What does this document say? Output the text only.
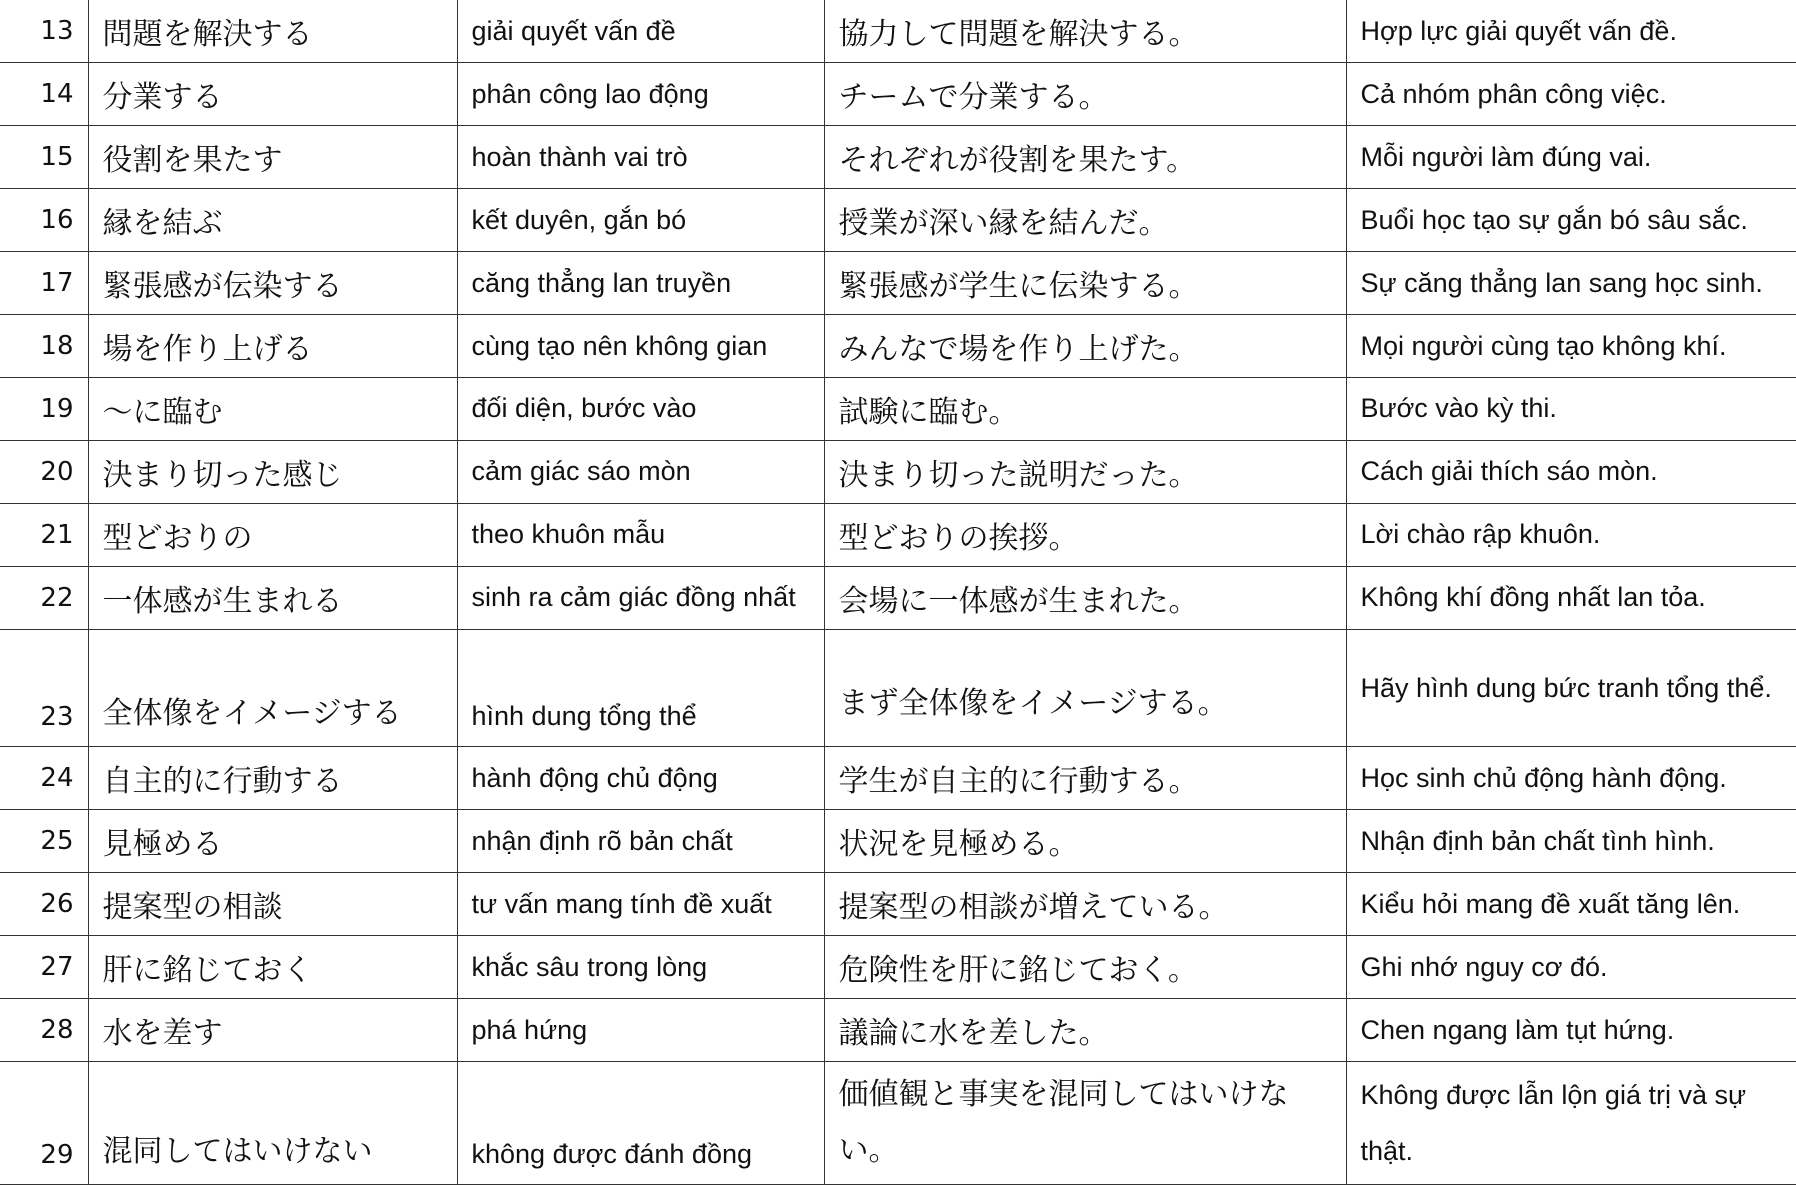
13	問題を解決する	giải quyết vấn đề	協力して問題を解決する。	Hợp lực giải quyết vấn đề.
14	分業する	phân công lao động	チームで分業する。	Cả nhóm phân công việc.
15	役割を果たす	hoàn thành vai trò	それぞれが役割を果たす。	Mỗi người làm đúng vai.
16	縁を結ぶ	kết duyên, gắn bó	授業が深い縁を結んだ。	Buổi học tạo sự gắn bó sâu sắc.
17	緊張感が伝染する	căng thẳng lan truyền	緊張感が学生に伝染する。	Sự căng thẳng lan sang học sinh.
18	場を作り上げる	cùng tạo nên không gian	みんなで場を作り上げた。	Mọi người cùng tạo không khí.
19	〜に臨む	đối diện, bước vào	試験に臨む。	Bước vào kỳ thi.
20	決まり切った感じ	cảm giác sáo mòn	決まり切った説明だった。	Cách giải thích sáo mòn.
21	型どおりの	theo khuôn mẫu	型どおりの挨拶。	Lời chào rập khuôn.
22	一体感が生まれる	sinh ra cảm giác đồng nhất	会場に一体感が生まれた。	Không khí đồng nhất lan tỏa.
23	全体像をイメージする	hình dung tổng thể	まず全体像をイメージする。	Hãy hình dung bức tranh tổng thể.
24	自主的に行動する	hành động chủ động	学生が自主的に行動する。	Học sinh chủ động hành động.
25	見極める	nhận định rõ bản chất	状況を見極める。	Nhận định bản chất tình hình.
26	提案型の相談	tư vấn mang tính đề xuất	提案型の相談が増えている。	Kiểu hỏi mang đề xuất tăng lên.
27	肝に銘じておく	khắc sâu trong lòng	危険性を肝に銘じておく。	Ghi nhớ nguy cơ đó.
28	水を差す	phá hứng	議論に水を差した。	Chen ngang làm tụt hứng.
29	混同してはいけない	không được đánh đồng	価値観と事実を混同してはいけない。	Không được lẫn lộn giá trị và sự thật.
